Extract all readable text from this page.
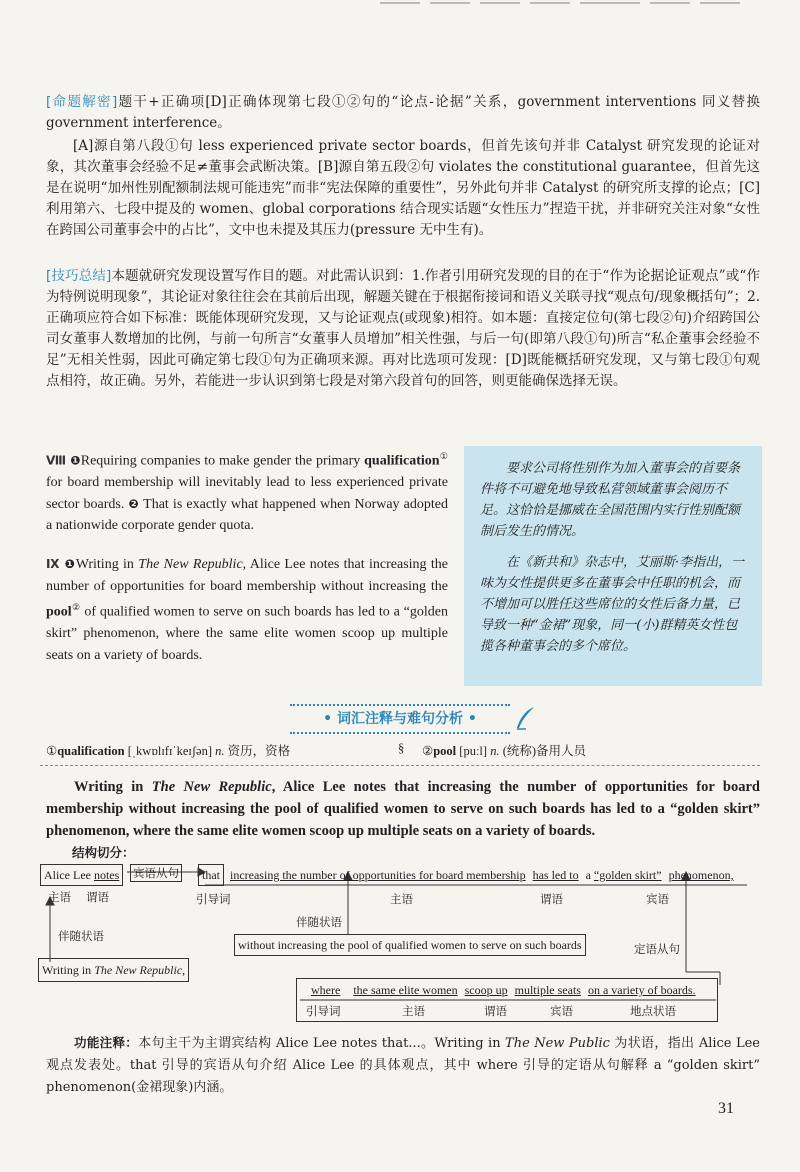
[命题解密]题干+正确项[D]正确体现第七段①②句的“论点-论据”关系，government interventions 同义替换 government interference。
[A]源自第八段①句 less experienced private sector boards，但首先该句并非 Catalyst 研究发现的论证对象，其次董事会经验不足≠董事会武断决策。[B]源自第五段②句 violates the constitutional guarantee，但首先这是在说明“加州性别配额制法规可能违宪”而非“宪法保障的重要性”，另外此句并非 Catalyst 的研究所支撑的论点；[C]利用第六、七段中提及的 women、global corporations 结合现实话题“女性压力”捏造干扰，并非研究关注对象“女性在跨国公司董事会中的占比”，文中也未提及其压力(pressure 无中生有)。
[技巧总结]本题就研究发现设置写作目的题。对此需认识到：1.作者引用研究发现的目的在于“作为论据论证观点”或“作为特例说明现象”，其论证对象往往会在其前后出现，解题关键在于根据衔接词和语义关联寻找“观点句/现象概括句”；2.正确项应符合如下标准：既能体现研究发现，又与论证观点(或现象)相符。如本题：直接定位句(第七段②句)介绍跨国公司女董事人数增加的比例，与前一句所言“女董事人员增加”相关性强，与后一句(即第八段①句)所言“私企董事会经验不足”无相关性弱，因此可确定第七段①句为正确项来源。再对比选项可发现：[D]既能概括研究发现，又与第七段①句观点相符，故正确。另外，若能进一步认识到第七段是对第六段首句的回答，则更能确保选择无误。
Ⅷ ❶Requiring companies to make gender the primary qualification① for board membership will inevitably lead to less experienced private sector boards. ❷ That is exactly what happened when Norway adopted a nationwide corporate gender quota.
Ⅸ ❶Writing in The New Republic, Alice Lee notes that increasing the number of opportunities for board membership without increasing the pool② of qualified women to serve on such boards has led to a “golden skirt” phenomenon, where the same elite women scoop up multiple seats on a variety of boards.

要求公司将性别作为加入董事会的首要条件将不可避免地导致私营领域董事会阅历不足。这恰恰是挪威在全国范围内实行性别配额制后发生的情况。

在《新共和》杂志中，艾丽斯·李指出，一味为女性提供更多在董事会中任职的机会，而不增加可以胜任这些席位的女性后备力量，已导致一种“金裙”现象，同一(小)群精英女性包揽各种董事会的多个席位。

• 词汇注释与难句分析 •
①qualification [ˌkwɒlɪfɪˈkeɪʃən] n. 资历，资格	§ ②pool [puːl] n. (统称)备用人员
Writing in The New Republic, Alice Lee notes that increasing the number of opportunities for board membership without increasing the pool of qualified women to serve on such boards has led to a “golden skirt” phenomenon, where the same elite women scoop up multiple seats on a variety of boards.
结构切分：
Alice Lee notes
主语 谓语
宾语从句	that increasing the number of opportunities for board membership has led to a “golden skirt” phenomenon,
引导词	主语	谓语	宾语
伴随状语
without increasing the pool of qualified women to serve on such boards	定语从句
伴随状语
Writing in The New Republic,
where the same elite women scoop up multiple seats on a variety of boards.
引导词	主语	谓语	宾语	地点状语
功能注释：本句主干为主谓宾结构 Alice Lee notes that...。Writing in The New Public 为状语，指出 Alice Lee 观点发表处。that 引导的宾语从句介绍 Alice Lee 的具体观点，其中 where 引导的定语从句解释 a “golden skirt” phenomenon(金裙现象)内涵。
31
